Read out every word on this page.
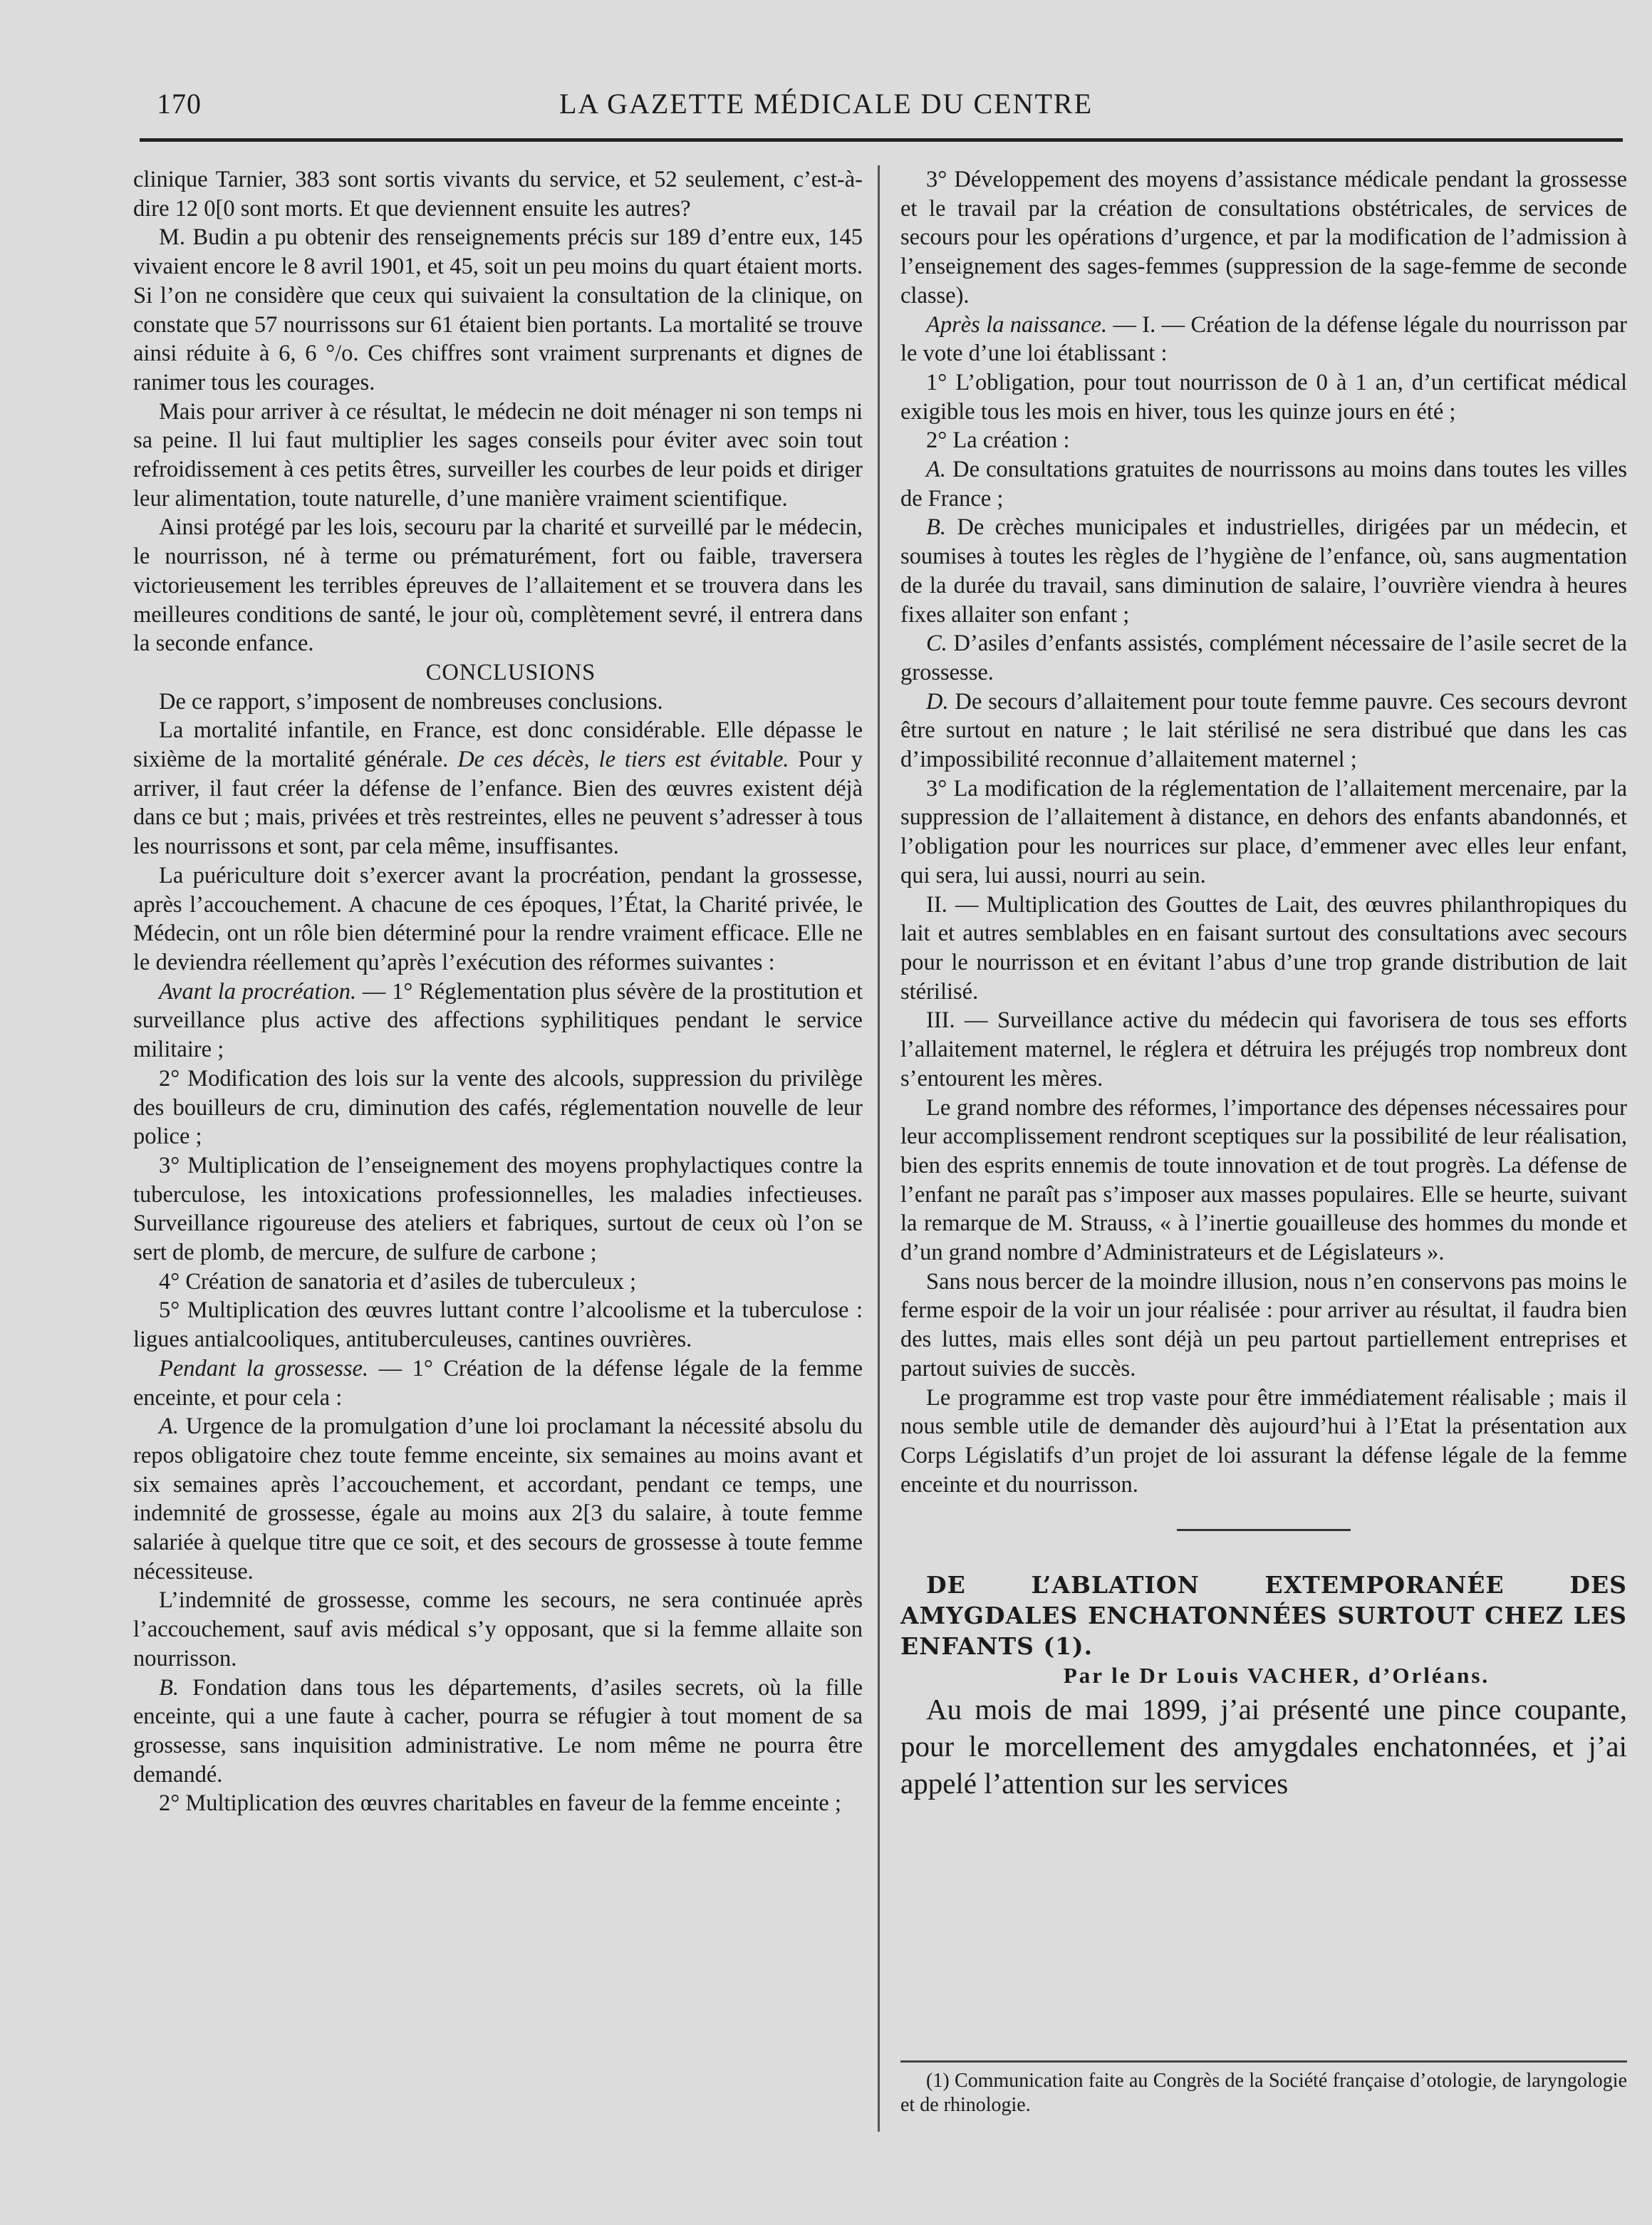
170	LA GAZETTE MÉDICALE DU CENTRE

clinique Tarnier, 383 sont sortis vivants du service, et 52 seulement, c’est-à-dire 12 0[0 sont morts. Et que deviennent ensuite les autres?

M. Budin a pu obtenir des renseignements précis sur 189 d’entre eux, 145 vivaient encore le 8 avril 1901, et 45, soit un peu moins du quart étaient morts. Si l’on ne considère que ceux qui suivaient la consultation de la clinique, on constate que 57 nourrissons sur 61 étaient bien portants. La mortalité se trouve ainsi réduite à 6, 6 °/o. Ces chiffres sont vraiment surprenants et dignes de ranimer tous les courages.

Mais pour arriver à ce résultat, le médecin ne doit ménager ni son temps ni sa peine. Il lui faut multiplier les sages conseils pour éviter avec soin tout refroidissement à ces petits êtres, surveiller les courbes de leur poids et diriger leur alimentation, toute naturelle, d’une manière vraiment scientifique.

Ainsi protégé par les lois, secouru par la charité et surveillé par le médecin, le nourrisson, né à terme ou prématurément, fort ou faible, traversera victorieusement les terribles épreuves de l’allaitement et se trouvera dans les meilleures conditions de santé, le jour où, complètement sevré, il entrera dans la seconde enfance.

CONCLUSIONS

De ce rapport, s’imposent de nombreuses conclusions.

La mortalité infantile, en France, est donc considérable. Elle dépasse le sixième de la mortalité générale. De ces décès, le tiers est évitable. Pour y arriver, il faut créer la défense de l’enfance. Bien des œuvres existent déjà dans ce but ; mais, privées et très restreintes, elles ne peuvent s’adresser à tous les nourrissons et sont, par cela même, insuffisantes.

La puériculture doit s’exercer avant la procréation, pendant la grossesse, après l’accouchement. A chacune de ces époques, l’État, la Charité privée, le Médecin, ont un rôle bien déterminé pour la rendre vraiment efficace. Elle ne le deviendra réellement qu’après l’exécution des réformes suivantes :

Avant la procréation. — 1° Réglementation plus sévère de la prostitution et surveillance plus active des affections syphilitiques pendant le service militaire ;

2° Modification des lois sur la vente des alcools, suppression du privilège des bouilleurs de cru, diminution des cafés, réglementation nouvelle de leur police ;

3° Multiplication de l’enseignement des moyens prophylactiques contre la tuberculose, les intoxications professionnelles, les maladies infectieuses. Surveillance rigoureuse des ateliers et fabriques, surtout de ceux où l’on se sert de plomb, de mercure, de sulfure de carbone ;

4° Création de sanatoria et d’asiles de tuberculeux ;

5° Multiplication des œuvres luttant contre l’alcoolisme et la tuberculose : ligues antialcooliques, antituberculeuses, cantines ouvrières.

Pendant la grossesse. — 1° Création de la défense légale de la femme enceinte, et pour cela :

A. Urgence de la promulgation d’une loi proclamant la nécessité absolu du repos obligatoire chez toute femme enceinte, six semaines au moins avant et six semaines après l’accouchement, et accordant, pendant ce temps, une indemnité de grossesse, égale au moins aux 2[3 du salaire, à toute femme salariée à quelque titre que ce soit, et des secours de grossesse à toute femme nécessiteuse.

L’indemnité de grossesse, comme les secours, ne sera continuée après l’accouchement, sauf avis médical s’y opposant, que si la femme allaite son nourrisson.

B. Fondation dans tous les départements, d’asiles secrets, où la fille enceinte, qui a une faute à cacher, pourra se réfugier à tout moment de sa grossesse, sans inquisition administrative. Le nom même ne pourra être demandé.

2° Multiplication des œuvres charitables en faveur de la femme enceinte ;

3° Développement des moyens d’assistance médicale pendant la grossesse et le travail par la création de consultations obstétricales, de services de secours pour les opérations d’urgence, et par la modification de l’admission à l’enseignement des sages-femmes (suppression de la sage-femme de seconde classe).

Après la naissance. — I. — Création de la défense légale du nourrisson par le vote d’une loi établissant :

1° L’obligation, pour tout nourrisson de 0 à 1 an, d’un certificat médical exigible tous les mois en hiver, tous les quinze jours en été ;

2° La création :

A. De consultations gratuites de nourrissons au moins dans toutes les villes de France ;

B. De crèches municipales et industrielles, dirigées par un médecin, et soumises à toutes les règles de l’hygiène de l’enfance, où, sans augmentation de la durée du travail, sans diminution de salaire, l’ouvrière viendra à heures fixes allaiter son enfant ;

C. D’asiles d’enfants assistés, complément nécessaire de l’asile secret de la grossesse.

D. De secours d’allaitement pour toute femme pauvre. Ces secours devront être surtout en nature ; le lait stérilisé ne sera distribué que dans les cas d’impossibilité reconnue d’allaitement maternel ;

3° La modification de la réglementation de l’allaitement mercenaire, par la suppression de l’allaitement à distance, en dehors des enfants abandonnés, et l’obligation pour les nourrices sur place, d’emmener avec elles leur enfant, qui sera, lui aussi, nourri au sein.

II. — Multiplication des Gouttes de Lait, des œuvres philanthropiques du lait et autres semblables en en faisant surtout des consultations avec secours pour le nourrisson et en évitant l’abus d’une trop grande distribution de lait stérilisé.

III. — Surveillance active du médecin qui favorisera de tous ses efforts l’allaitement maternel, le réglera et détruira les préjugés trop nombreux dont s’entourent les mères.

Le grand nombre des réformes, l’importance des dépenses nécessaires pour leur accomplissement rendront sceptiques sur la possibilité de leur réalisation, bien des esprits ennemis de toute innovation et de tout progrès. La défense de l’enfant ne paraît pas s’imposer aux masses populaires. Elle se heurte, suivant la remarque de M. Strauss, « à l’inertie gouailleuse des hommes du monde et d’un grand nombre d’Administrateurs et de Législateurs ».

Sans nous bercer de la moindre illusion, nous n’en conservons pas moins le ferme espoir de la voir un jour réalisée : pour arriver au résultat, il faudra bien des luttes, mais elles sont déjà un peu partout partiellement entreprises et partout suivies de succès.

Le programme est trop vaste pour être immédiatement réalisable ; mais il nous semble utile de demander dès aujourd’hui à l’Etat la présentation aux Corps Législatifs d’un projet de loi assurant la défense légale de la femme enceinte et du nourrisson.

DE L’ABLATION EXTEMPORANÉE DES AMYGDALES ENCHATONNÉES SURTOUT CHEZ LES ENFANTS (1).

Par le Dr Louis VACHER, d’Orléans.

Au mois de mai 1899, j’ai présenté une pince coupante, pour le morcellement des amygdales enchatonnées, et j’ai appelé l’attention sur les services

(1) Communication faite au Congrès de la Société française d’otologie, de laryngologie et de rhinologie.
